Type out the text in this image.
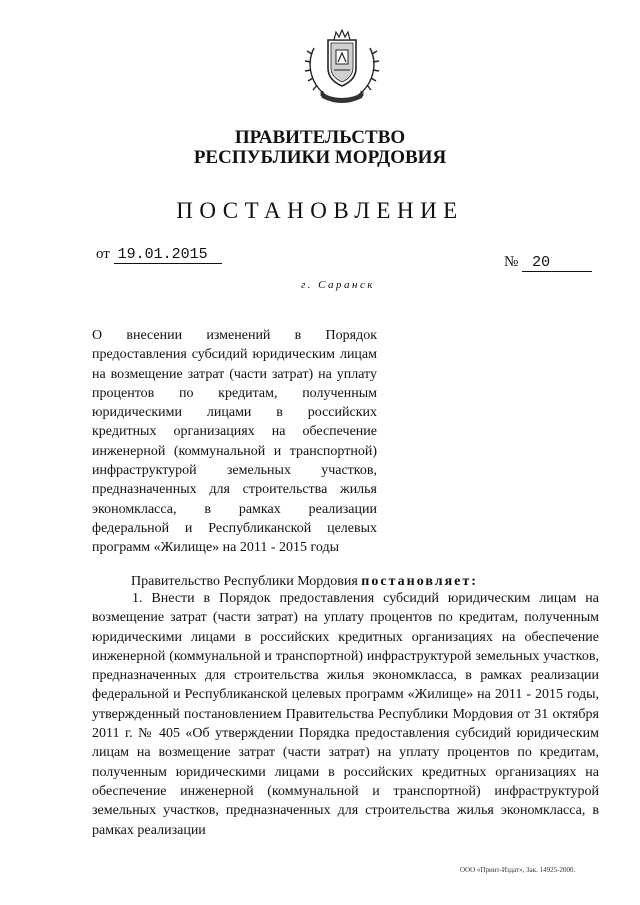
ПРАВИТЕЛЬСТВО
РЕСПУБЛИКИ МОРДОВИЯ
ПОСТАНОВЛЕНИЕ
от 19.01.2015	№ 20
г. Саранск

О внесении изменений в Порядок предоставления субсидий юридическим лицам на возмещение затрат (части затрат) на уплату процентов по кредитам, полученным юридическими лицами в российских кредитных организациях на обеспечение инженерной (коммунальной и транспортной) инфраструктурой земельных участков, предназначенных для строительства жилья экономкласса, в рамках реализации федеральной и Республиканской целевых программ «Жилище» на 2011 - 2015 годы

Правительство Республики Мордовия постановляет:

1. Внести в Порядок предоставления субсидий юридическим лицам на возмещение затрат (части затрат) на уплату процентов по кредитам, полученным юридическими лицами в российских кредитных организациях на обеспечение инженерной (коммунальной и транспортной) инфраструктурой земельных участков, предназначенных для строительства жилья экономкласса, в рамках реализации федеральной и Республиканской целевых программ «Жилище» на 2011 - 2015 годы, утвержденный постановлением Правительства Республики Мордовия от 31 октября 2011 г. № 405 «Об утверждении Порядка предоставления субсидий юридическим лицам на возмещение затрат (части затрат) на уплату процентов по кредитам, полученным юридическими лицами в российских кредитных организациях на обеспечение инженерной (коммунальной и транспортной) инфраструктурой земельных участков, предназначенных для строительства жилья экономкласса, в рамках реализации

ООО «Принт-Издат», Зак. 14925-2000.
